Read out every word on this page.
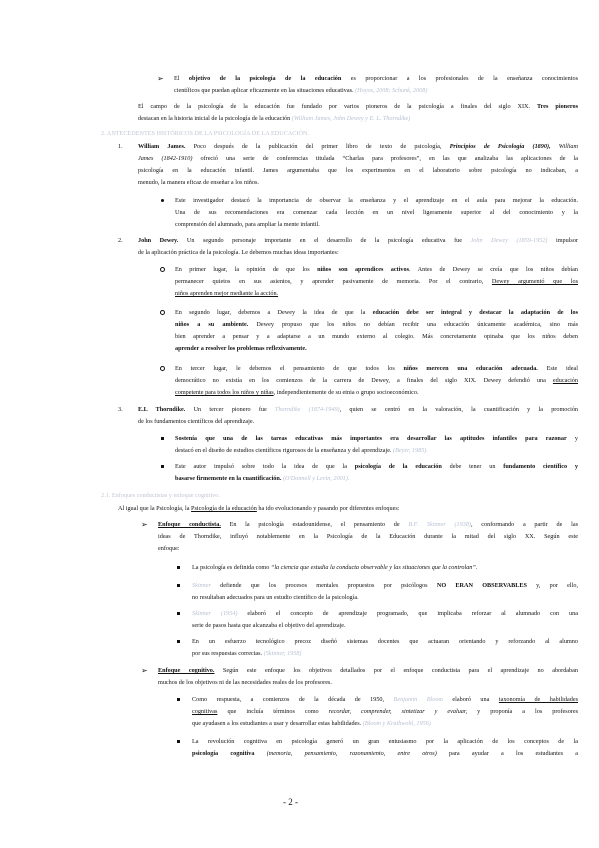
➢ El objetivo de la psicología de la educación es proporcionar a los profesionales de la enseñanza conocimientos
científicos que puedan aplicar eficazmente en las situaciones educativas. (Hoyos, 2008; Schunk, 2008)
El campo de la psicología de la educación fue fundado por varios pioneros de la psicología a finales del siglo XIX. Tres pioneros
destacan en la historia inicial de la psicología de la educación (William James, John Dewey y E. L. Thorndike)
2. ANTECEDENTES HISTÓRICOS DE LA PSICOLOGÍA DE LA EDUCACIÓN.
1. William James. Poco después de la publicación del primer libro de texto de psicología, Principios de Psicología (1890), William
James (1842-1910) ofreció una serie de conferencias titulada “Charlas para profesores”, en las que analizaba las aplicaciones de la
psicología en la educación infantil. James argumentaba que los experimentos en el laboratorio sobre psicología no indicaban, a
menudo, la manera eficaz de enseñar a los niños.
Este investigador destacó la importancia de observar la enseñanza y el aprendizaje en el aula para mejorar la educación.
Una de sus recomendaciones era comenzar cada lección en un nivel ligeramente superior al del conocimiento y la
comprensión del alumnado, para ampliar la mente infantil.
2. John Dewey. Un segundo personaje importante en el desarrollo de la psicología educativa fue John Dewey (1859-1952) impulsor
de la aplicación práctica de la psicología. Le debemos muchas ideas importantes:
En primer lugar, la opinión de que los niños son aprendices activos. Antes de Dewey se creía que los niños debían
permanecer quietos en sus asientos, y aprender pasivamente de memoria. Por el contrario, Dewey argumentó que los
niños aprenden mejor mediante la acción.
En segundo lugar, debemos a Dewey la idea de que la educación debe ser integral y destacar la adaptación de los
niños a su ambiente. Dewey propuso que los niños no debían recibir una educación únicamente académica, sino más
bien aprender a pensar y a adaptarse a un mundo externo al colegio. Más concretamente opinaba que los niños deben
aprender a resolver los problemas reflexivamente.
En tercer lugar, le debemos el pensamiento de que todos los niños merecen una educación adecuada. Este ideal
democrático no existía en los comienzos de la carrera de Dewey, a finales del siglo XIX. Dewey defendió una educación
competente para todos los niños y niñas, independientemente de su etnia o grupo socioeconómico.
3. E.L Thorndike. Un tercer pionero fue Thorndike (1874-1949), quien se centró en la valoración, la cuantificación y la promoción
de los fundamentos científicos del aprendizaje.
Sostenía que una de las tareas educativas más importantes era desarrollar las aptitudes infantiles para razonar y
destacó en el diseño de estudios científicos rigurosos de la enseñanza y del aprendizaje. (Beyer, 1985).
Este autor impulsó sobre todo la idea de que la psicología de la educación debe tener un fundamento científico y
basarse firmemente en la cuantificación. (O'Donnell y Levin, 2001).
2.1. Enfoques conductistas y enfoque cognitivo.
Al igual que la Psicología, la Psicología de la educación ha ido evolucionando y pasando por diferentes enfoques:
➢ Enfoque conductista. En la psicología estadounidense, el pensamiento de B.F. Skinner (1938), conformando a partir de las
ideas de Thorndike, influyó notablemente en la Psicología de la Educación durante la mitad del siglo XX. Según este
enfoque:
La psicología es definida como “la ciencia que estudia la conducta observable y las situaciones que la controlan”.
Skinner defiende que los procesos mentales propuestos por psicólogos NO ERAN OBSERVABLES y, por ello,
no resultaban adecuados para un estudio científico de la psicología.
Skinner (1954) elaboró el concepto de aprendizaje programado, que implicaba reforzar al alumnado con una
serie de pasos hasta que alcanzaba el objetivo del aprendizaje.
En un esfuerzo tecnológico precoz diseñó sistemas docentes que actuaran orientando y reforzando al alumno
por sus respuestas correctas. (Skinner, 1958)
➢ Enfoque cognitivo. Según este enfoque los objetivos detallados por el enfoque conductista para el aprendizaje no abordaban
muchos de los objetivos ni de las necesidades reales de los profesores.
Como respuesta, a comienzos de la década de 1950, Benjamin Bloom elaboró una taxonomía de habilidades
cognitivas que incluía términos como recordar, comprender, sintetizar y evaluar, y proponía a los profesores
que ayudasen a los estudiantes a usar y desarrollar estas habilidades. (Bloom y Krathwohl, 1956)
La revolución cognitiva en psicología generó un gran entusiasmo por la aplicación de los conceptos de la
psicología cognitiva (memoria, pensamiento, razonamiento, entre otros) para ayudar a los estudiantes a
- 2 -
